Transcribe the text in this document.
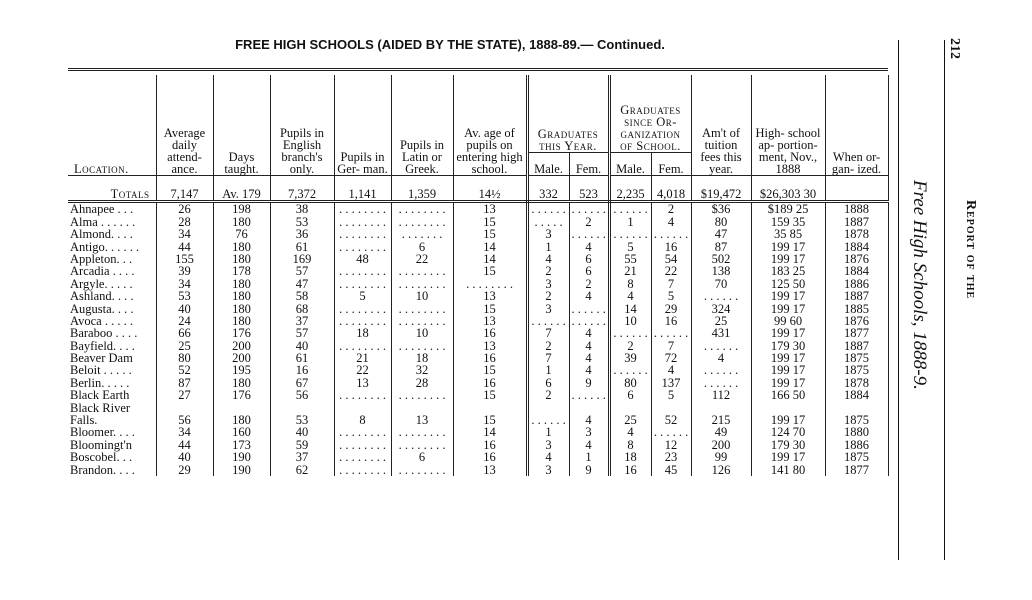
FREE HIGH SCHOOLS (AIDED BY THE STATE), 1888-89.— Continued.

Location.	Average daily attend- ance.	Days taught.	Pupils in English branch's only.	Pupils in Ger- man.	Pupils in Latin or Greek.	Av. age of pupils on entering high school.	Graduates this Year.		Graduates since Or- ganization of School.		Am't of tuition fees this year.	High- school ap- portion- ment, Nov., 1888	When or- gan- ized.
							Male.	Fem.	Male.	Fem.			
Totals	7,147	Av. 179	7,372	1,141	1,359	14½	332	523	2,235	4,018	$19,472	$26,303 30	
Ahnapee . . .	26	198	38	. . . . . . . .	. . . . . . . .	13	. . . . . .	. . . . . .	. . . . . .	2	$36	$189 25	1888
Alma . . . . . .	28	180	53	. . . . . . . .	. . . . . . . .	15	. . . . .	2	1	4	80	159 35	1887
Almond. . . .	34	76	36	. . . . . . . .	. . . . . . .	15	3	. . . . . .	. . . . . .	. . . . . .	47	35 85	1878
Antigo. . . . . .	44	180	61	. . . . . . . .	6	14	1	4	5	16	87	199 17	1884
Appleton. . .	155	180	169	48	22	14	4	6	55	54	502	199 17	1876
Arcadia . . . .	39	178	57	. . . . . . . .	. . . . . . . .	15	2	6	21	22	138	183 25	1884
Argyle. . . . .	34	180	47	. . . . . . . .	. . . . . . . .	. . . . . . . .	3	2	8	7	70	125 50	1886
Ashland. . . .	53	180	58	5	10	13	2	4	4	5	. . . . . .	199 17	1887
Augusta. . . .	40	180	68	. . . . . . . .	. . . . . . . .	15	3	. . . . . .	14	29	324	199 17	1885
Avoca . . . . .	24	180	37	. . . . . . . .	. . . . . . . .	13	. . . . . .	. . . . . .	10	16	25	99 60	1876
Baraboo . . . .	66	176	57	18	10	16	7	4	. . . . . .	. . . . . .	431	199 17	1877
Bayfield. . . .	25	200	40	. . . . . . . .	. . . . . . . .	13	2	4	2	7	. . . . . .	179 30	1887
Beaver Dam	80	200	61	21	18	16	7	4	39	72	4	199 17	1875
Beloit . . . . .	52	195	16	22	32	15	1	4	. . . . . .	4	. . . . . .	199 17	1875
Berlin. . . . .	87	180	67	13	28	16	6	9	80	137	. . . . . .	199 17	1878
Black Earth	27	176	56	. . . . . . . .	. . . . . . . .	15	2	. . . . . .	6	5	112	166 50	1884
Black River													
Falls.	56	180	53	8	13	15	. . . . . .	4	25	52	215	199 17	1875
Bloomer. . . .	34	160	40	. . . . . . . .	. . . . . . . .	14	1	3	4	. . . . . .	49	124 70	1880
Bloomingt'n	44	173	59	. . . . . . . .	. . . . . . . .	16	3	4	8	12	200	179 30	1886
Boscobel. . .	40	190	37	. . . . . . . .	6	16	4	1	18	23	99	199 17	1875
Brandon. . . .	29	190	62	. . . . . . . .	. . . . . . . .	13	3	9	16	45	126	141 80	1877
Free High Schools, 1888-9.
212
Report of the
